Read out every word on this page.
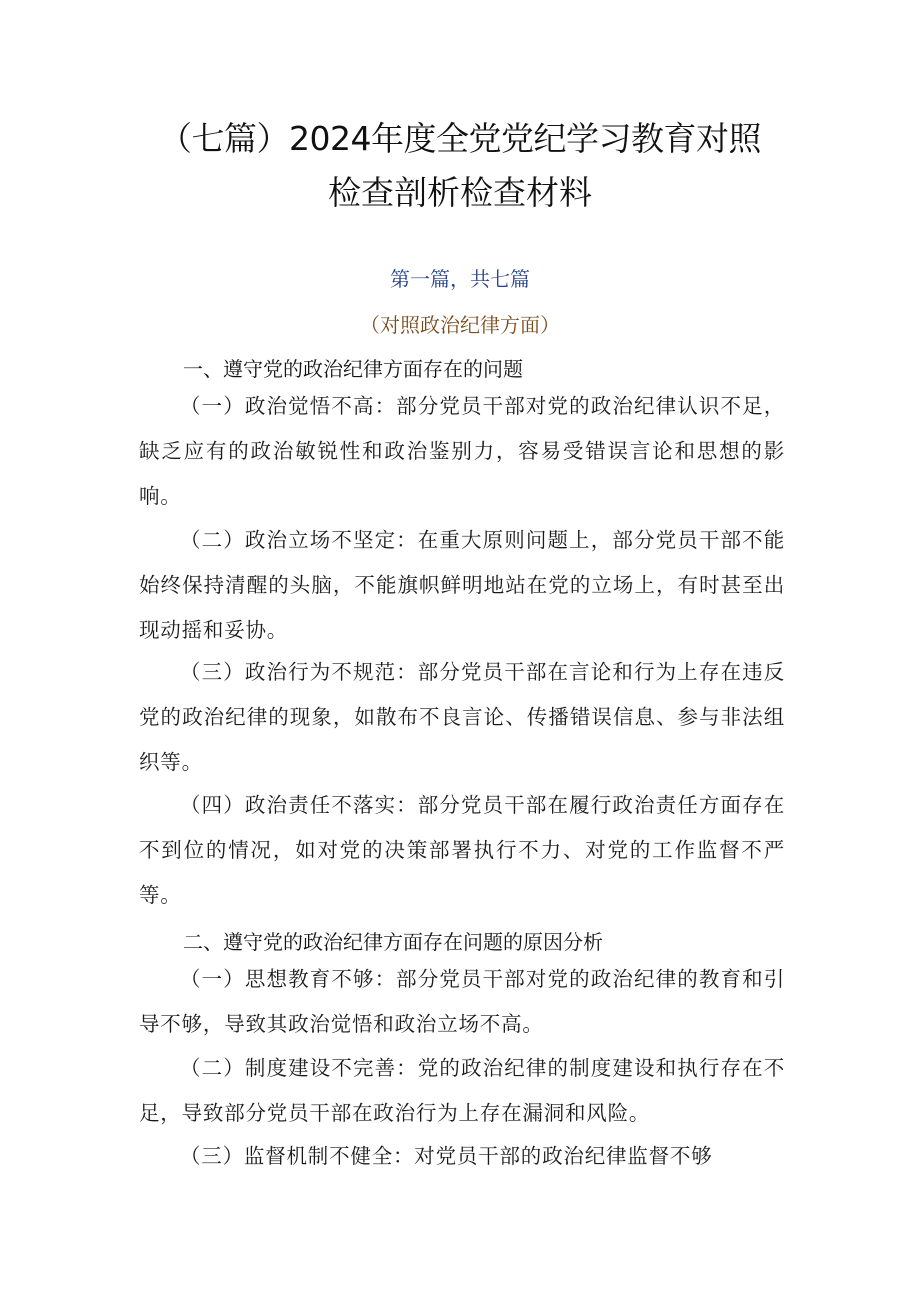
（七篇）2024年度全党党纪学习教育对照
检查剖析检查材料
第一篇，共七篇
（对照政治纪律方面）
一、遵守党的政治纪律方面存在的问题

（一）政治觉悟不高：部分党员干部对党的政治纪律认识不足，缺乏应有的政治敏锐性和政治鉴别力，容易受错误言论和思想的影响。

（二）政治立场不坚定：在重大原则问题上，部分党员干部不能始终保持清醒的头脑，不能旗帜鲜明地站在党的立场上，有时甚至出现动摇和妥协。

（三）政治行为不规范：部分党员干部在言论和行为上存在违反党的政治纪律的现象，如散布不良言论、传播错误信息、参与非法组织等。

（四）政治责任不落实：部分党员干部在履行政治责任方面存在不到位的情况，如对党的决策部署执行不力、对党的工作监督不严等。

二、遵守党的政治纪律方面存在问题的原因分析

（一）思想教育不够：部分党员干部对党的政治纪律的教育和引导不够，导致其政治觉悟和政治立场不高。

（二）制度建设不完善：党的政治纪律的制度建设和执行存在不足，导致部分党员干部在政治行为上存在漏洞和风险。

（三）监督机制不健全：对党员干部的政治纪律监督不够
